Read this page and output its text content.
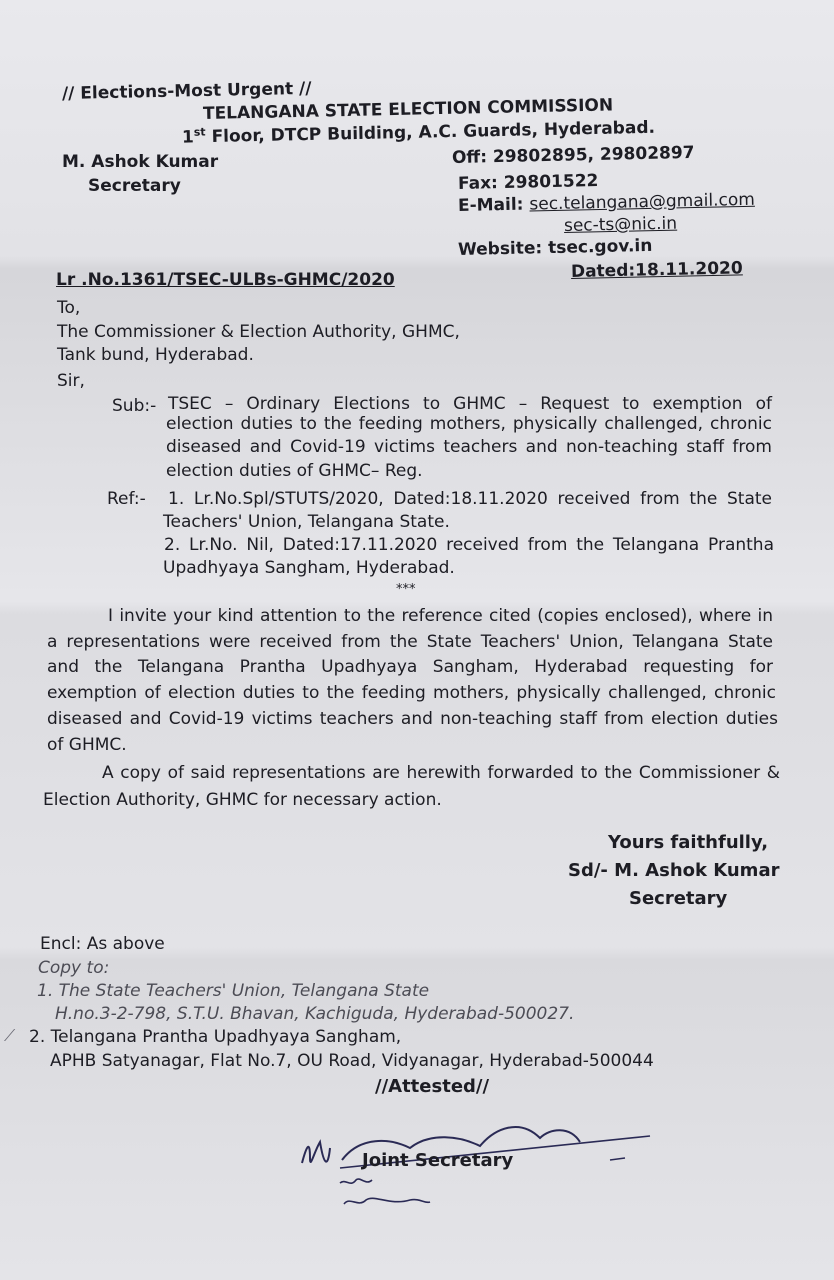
// Elections-Most Urgent //
TELANGANA STATE ELECTION COMMISSION
1st Floor, DTCP Building, A.C. Guards, Hyderabad.
M. Ashok Kumar
Secretary
Off: 29802895, 29802897
Fax: 29801522
E-Mail: sec.telangana@gmail.com
sec-ts@nic.in
Website: tsec.gov.in
Lr .No.1361/TSEC-ULBs-GHMC/2020	Dated:18.11.2020
To,
The Commissioner & Election Authority, GHMC,
Tank bund, Hyderabad.
Sir,
Sub:- TSEC – Ordinary Elections to GHMC – Request to exemption of
election duties to the feeding mothers, physically challenged, chronic
diseased and Covid-19 victims teachers and non-teaching staff from
election duties of GHMC– Reg.
Ref:- 1. Lr.No.Spl/STUTS/2020, Dated:18.11.2020 received from the State
Teachers' Union, Telangana State.
2. Lr.No. Nil, Dated:17.11.2020 received from the Telangana Prantha
Upadhyaya Sangham, Hyderabad.
***
I invite your kind attention to the reference cited (copies enclosed), where in
a representations were received from the State Teachers' Union, Telangana State
and the Telangana Prantha Upadhyaya Sangham, Hyderabad requesting for
exemption of election duties to the feeding mothers, physically challenged, chronic
diseased and Covid-19 victims teachers and non-teaching staff from election duties
of GHMC.
A copy of said representations are herewith forwarded to the Commissioner &
Election Authority, GHMC for necessary action.
Yours faithfully,
Sd/- M. Ashok Kumar
Secretary
Encl: As above
Copy to:
1. The State Teachers' Union, Telangana State
H.no.3-2-798, S.T.U. Bhavan, Kachiguda, Hyderabad-500027.
⟋ 2. Telangana Prantha Upadhyaya Sangham,
APHB Satyanagar, Flat No.7, OU Road, Vidyanagar, Hyderabad-500044
//Attested//
Joint Secretary
